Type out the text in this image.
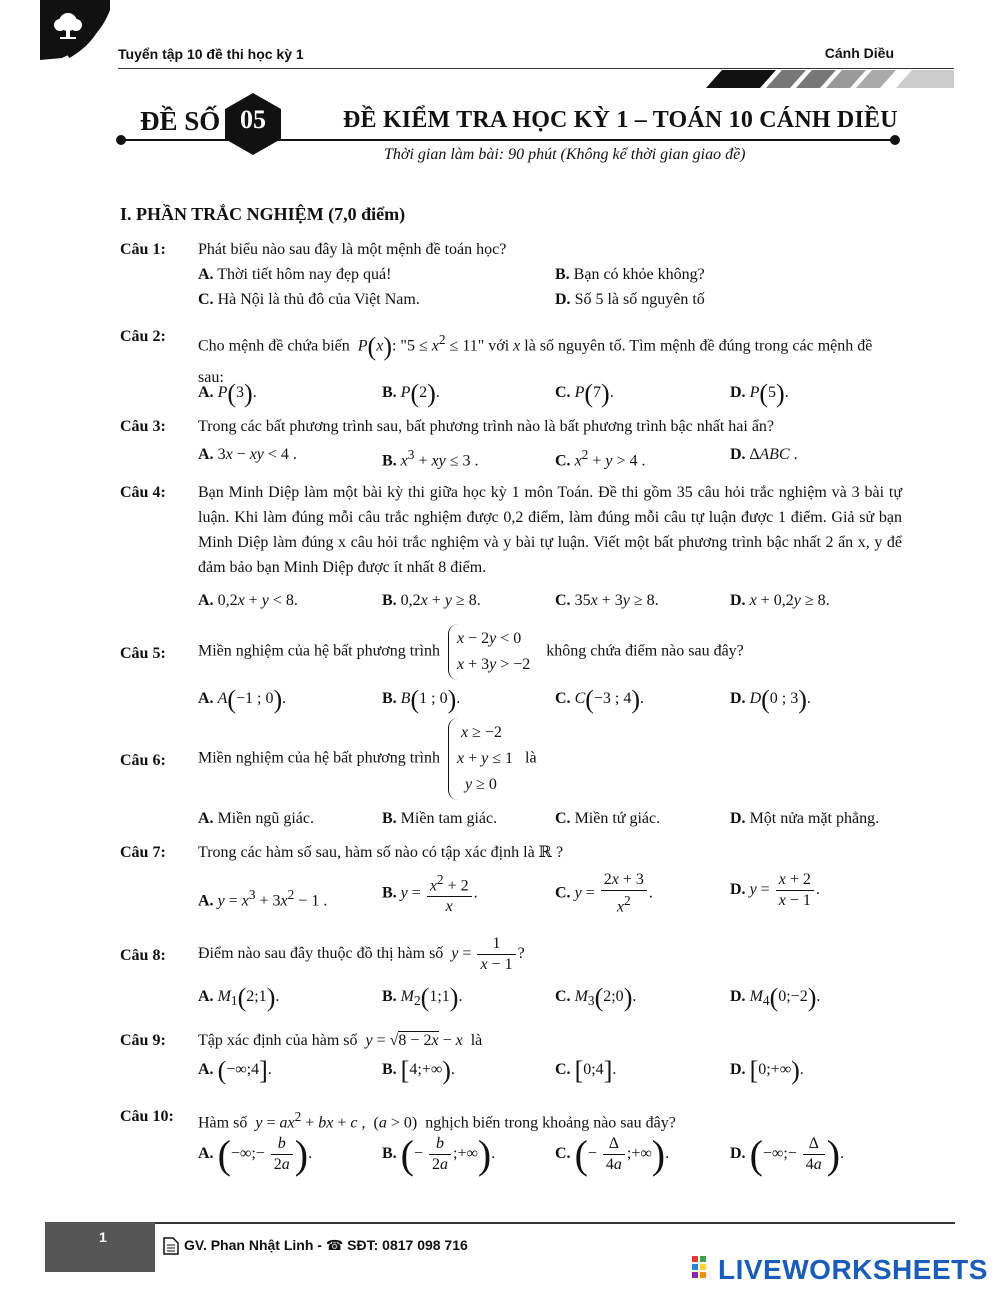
Tuyển tập 10 đề thi học kỳ 1	Cánh Diều
ĐỀ SỐ 05	ĐỀ KIỂM TRA HỌC KỲ 1 – TOÁN 10 CÁNH DIỀU
Thời gian làm bài: 90 phút (Không kể thời gian giao đề)
I. PHẦN TRẮC NGHIỆM (7,0 điểm)
Câu 1: Phát biểu nào sau đây là một mệnh đề toán học?
A. Thời tiết hôm nay đẹp quá!	B. Bạn có khỏe không?
C. Hà Nội là thủ đô của Việt Nam.	D. Số 5 là số nguyên tố
Câu 2:
Cho mệnh đề chứa biến P(x): "$5 \le x^2 \le 11$" với x là số nguyên tố. Tìm mệnh đề đúng trong các mệnh đề sau:
A. P(3).	B. P(2).	C. P(7).	D. P(5).
Câu 3: Trong các bất phương trình sau, bất phương trình nào là bất phương trình bậc nhất hai ẩn?
A. 3x − xy < 4 .	B. $x^3$ + xy ≤ 3 .	C. $x^2 + y > 4$ .	D. ∆ABC .
Câu 4: Bạn Minh Diệp làm một bài kỳ thi giữa học kỳ 1 môn Toán. Đề thi gồm 35 câu hỏi trắc nghiệm và 3 bài tự luận. Khi làm đúng mỗi câu trắc nghiệm được 0,2 điểm, làm đúng mỗi câu tự luận được 1 điểm. Giả sử bạn Minh Diệp làm đúng x câu hỏi trắc nghiệm và y bài tự luận. Viết một bất phương trình bậc nhất 2 ẩn x, y để đảm bảo bạn Minh Diệp được ít nhất 8 điểm.
A. 0,2x + y < 8.	B. 0,2x + y ≥ 8.	C. 35x + 3y ≥ 8.	D. x + 0,2y ≥ 8.
Câu 5: Miền nghiệm của hệ bất phương trình  x − 2y < 0
x + 3y > −2  không chứa điểm nào sau đây?
A. A(−1 ; 0).	B. B(1 ; 0).	C. C(−3 ; 4).	D. D(0 ; 3).
Câu 6: Miền nghiệm của hệ bất phương trình   x ≥ −2
x + y ≤ 1
y ≥ 0 là
A. Miền ngũ giác.	B. Miền tam giác.	C. Miền tứ giác.	D. Một nửa mặt phẳng.
Câu 7: Trong các hàm số sau, hàm số nào có tập xác định là ℝ ?
A. $y = x^3 + 3x^2 - 1$ .	B. $y = \frac{x^2 + 2}{x}$ .	C. $y = \frac{2x + 3}{x^2}$ .	D. $y = \frac{x + 2}{x - 1}$ .
Câu 8: Điểm nào sau đây thuộc đồ thị hàm số $y = \frac{1}{x - 1}$ ?
A. $M_1(2;1)$.	B. $M_2(1;1)$.	C. $M_3(2;0)$.	D. $M_4(0;-2)$.
Câu 9: Tập xác định của hàm số y = √8 − 2x − x là
A. (−∞;4].	B. [4;+∞).	C. [0;4].	D. [0;+∞).
Câu 10: Hàm số $y = ax^2$ + bx + c ,  (a > 0)  nghịch biến trong khoảng nào sau đây?
A. (−∞;− $\frac{b}{2a}$ ).	B. (− $\frac{b}{2a}$ ;+∞).	C. (− $\frac{\Delta}{4a}$ ;+∞).	D. (−∞;− $\frac{\Delta}{4a}$ ).
1	GV. Phan Nhật Linh - ☎ SĐT: 0817 098 716
LIVEWORKSHEETS
